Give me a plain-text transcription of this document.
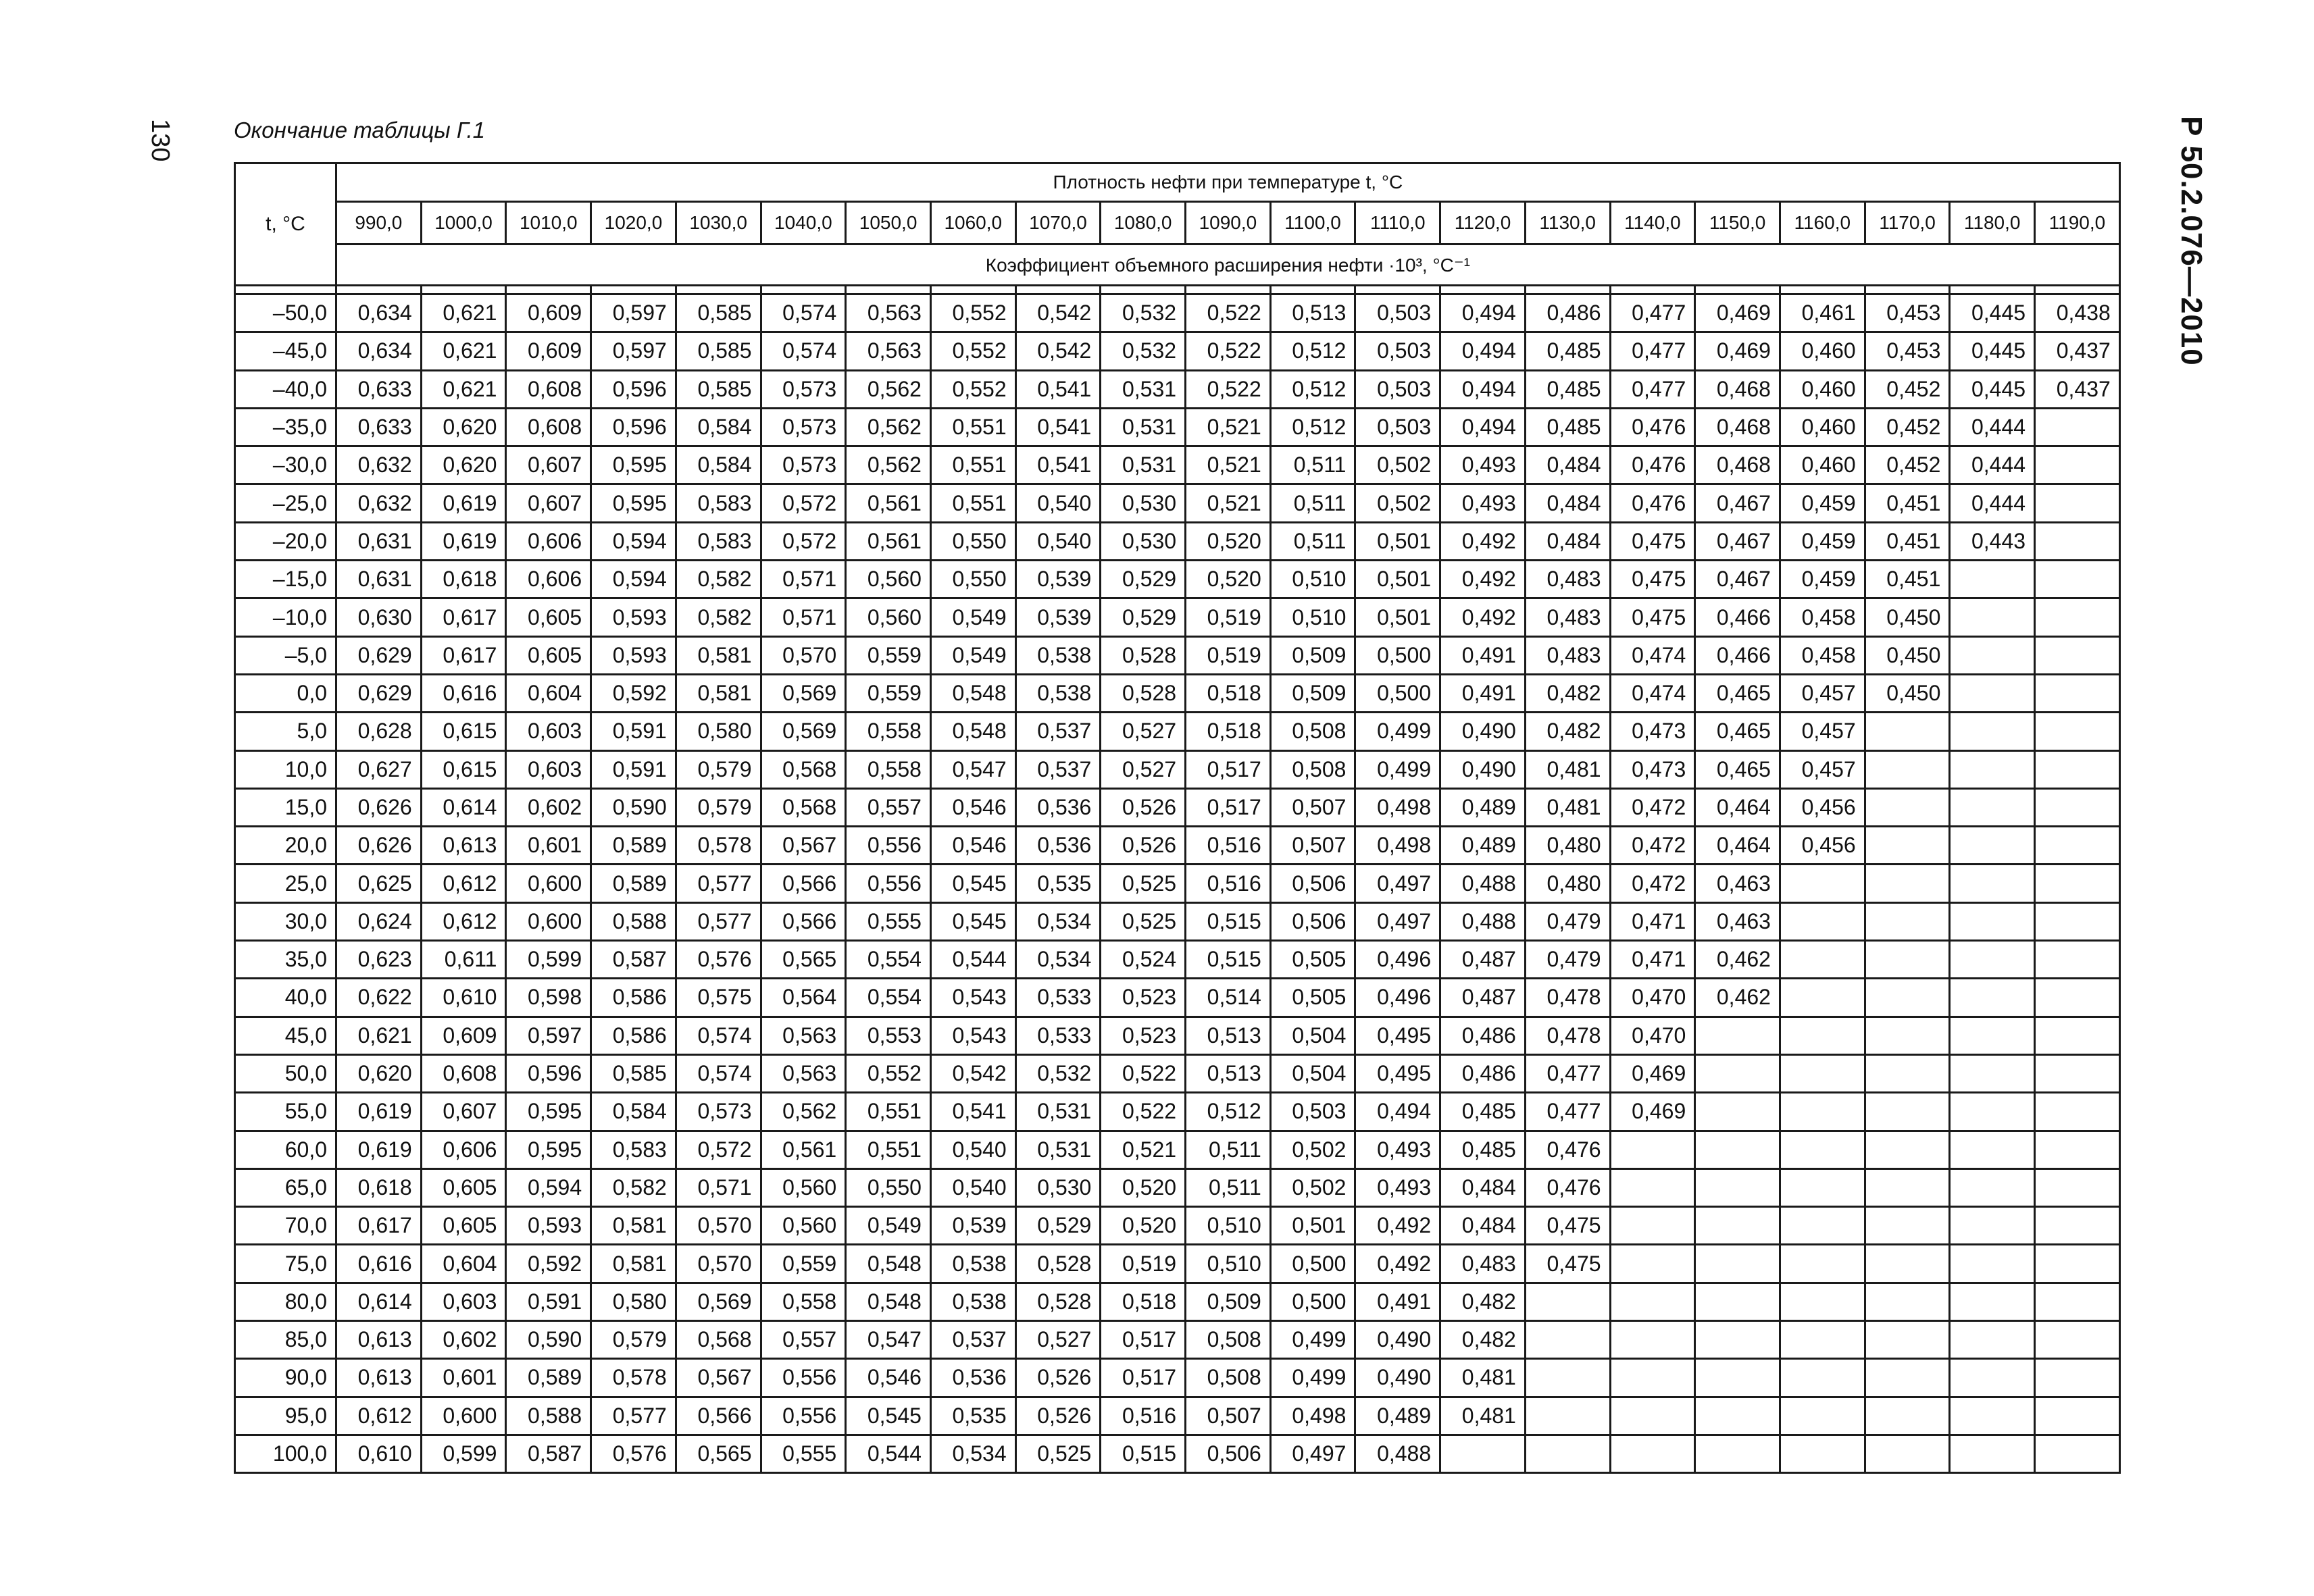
130	Р 50.2.076—2010
Окончание таблицы Г.1
t, °C	Плотность нефти при температуре t, °C																				
	990,0	1000,0	1010,0	1020,0	1030,0	1040,0	1050,0	1060,0	1070,0	1080,0	1090,0	1100,0	1110,0	1120,0	1130,0	1140,0	1150,0	1160,0	1170,0	1180,0	1190,0
	Коэффициент объемного расширения нефти ·10³, °C⁻¹																				

–50,0	0,634	0,621	0,609	0,597	0,585	0,574	0,563	0,552	0,542	0,532	0,522	0,513	0,503	0,494	0,486	0,477	0,469	0,461	0,453	0,445	0,438
–45,0	0,634	0,621	0,609	0,597	0,585	0,574	0,563	0,552	0,542	0,532	0,522	0,512	0,503	0,494	0,485	0,477	0,469	0,460	0,453	0,445	0,437
–40,0	0,633	0,621	0,608	0,596	0,585	0,573	0,562	0,552	0,541	0,531	0,522	0,512	0,503	0,494	0,485	0,477	0,468	0,460	0,452	0,445	0,437
–35,0	0,633	0,620	0,608	0,596	0,584	0,573	0,562	0,551	0,541	0,531	0,521	0,512	0,503	0,494	0,485	0,476	0,468	0,460	0,452	0,444	
–30,0	0,632	0,620	0,607	0,595	0,584	0,573	0,562	0,551	0,541	0,531	0,521	0,511	0,502	0,493	0,484	0,476	0,468	0,460	0,452	0,444	
–25,0	0,632	0,619	0,607	0,595	0,583	0,572	0,561	0,551	0,540	0,530	0,521	0,511	0,502	0,493	0,484	0,476	0,467	0,459	0,451	0,444	
–20,0	0,631	0,619	0,606	0,594	0,583	0,572	0,561	0,550	0,540	0,530	0,520	0,511	0,501	0,492	0,484	0,475	0,467	0,459	0,451	0,443	
–15,0	0,631	0,618	0,606	0,594	0,582	0,571	0,560	0,550	0,539	0,529	0,520	0,510	0,501	0,492	0,483	0,475	0,467	0,459	0,451		
–10,0	0,630	0,617	0,605	0,593	0,582	0,571	0,560	0,549	0,539	0,529	0,519	0,510	0,501	0,492	0,483	0,475	0,466	0,458	0,450		
–5,0	0,629	0,617	0,605	0,593	0,581	0,570	0,559	0,549	0,538	0,528	0,519	0,509	0,500	0,491	0,483	0,474	0,466	0,458	0,450		
0,0	0,629	0,616	0,604	0,592	0,581	0,569	0,559	0,548	0,538	0,528	0,518	0,509	0,500	0,491	0,482	0,474	0,465	0,457	0,450		
5,0	0,628	0,615	0,603	0,591	0,580	0,569	0,558	0,548	0,537	0,527	0,518	0,508	0,499	0,490	0,482	0,473	0,465	0,457			
10,0	0,627	0,615	0,603	0,591	0,579	0,568	0,558	0,547	0,537	0,527	0,517	0,508	0,499	0,490	0,481	0,473	0,465	0,457			
15,0	0,626	0,614	0,602	0,590	0,579	0,568	0,557	0,546	0,536	0,526	0,517	0,507	0,498	0,489	0,481	0,472	0,464	0,456			
20,0	0,626	0,613	0,601	0,589	0,578	0,567	0,556	0,546	0,536	0,526	0,516	0,507	0,498	0,489	0,480	0,472	0,464	0,456			
25,0	0,625	0,612	0,600	0,589	0,577	0,566	0,556	0,545	0,535	0,525	0,516	0,506	0,497	0,488	0,480	0,472	0,463				
30,0	0,624	0,612	0,600	0,588	0,577	0,566	0,555	0,545	0,534	0,525	0,515	0,506	0,497	0,488	0,479	0,471	0,463				
35,0	0,623	0,611	0,599	0,587	0,576	0,565	0,554	0,544	0,534	0,524	0,515	0,505	0,496	0,487	0,479	0,471	0,462				
40,0	0,622	0,610	0,598	0,586	0,575	0,564	0,554	0,543	0,533	0,523	0,514	0,505	0,496	0,487	0,478	0,470	0,462				
45,0	0,621	0,609	0,597	0,586	0,574	0,563	0,553	0,543	0,533	0,523	0,513	0,504	0,495	0,486	0,478	0,470					
50,0	0,620	0,608	0,596	0,585	0,574	0,563	0,552	0,542	0,532	0,522	0,513	0,504	0,495	0,486	0,477	0,469					
55,0	0,619	0,607	0,595	0,584	0,573	0,562	0,551	0,541	0,531	0,522	0,512	0,503	0,494	0,485	0,477	0,469					
60,0	0,619	0,606	0,595	0,583	0,572	0,561	0,551	0,540	0,531	0,521	0,511	0,502	0,493	0,485	0,476						
65,0	0,618	0,605	0,594	0,582	0,571	0,560	0,550	0,540	0,530	0,520	0,511	0,502	0,493	0,484	0,476						
70,0	0,617	0,605	0,593	0,581	0,570	0,560	0,549	0,539	0,529	0,520	0,510	0,501	0,492	0,484	0,475						
75,0	0,616	0,604	0,592	0,581	0,570	0,559	0,548	0,538	0,528	0,519	0,510	0,500	0,492	0,483	0,475						
80,0	0,614	0,603	0,591	0,580	0,569	0,558	0,548	0,538	0,528	0,518	0,509	0,500	0,491	0,482							
85,0	0,613	0,602	0,590	0,579	0,568	0,557	0,547	0,537	0,527	0,517	0,508	0,499	0,490	0,482							
90,0	0,613	0,601	0,589	0,578	0,567	0,556	0,546	0,536	0,526	0,517	0,508	0,499	0,490	0,481							
95,0	0,612	0,600	0,588	0,577	0,566	0,556	0,545	0,535	0,526	0,516	0,507	0,498	0,489	0,481							
100,0	0,610	0,599	0,587	0,576	0,565	0,555	0,544	0,534	0,525	0,515	0,506	0,497	0,488								
